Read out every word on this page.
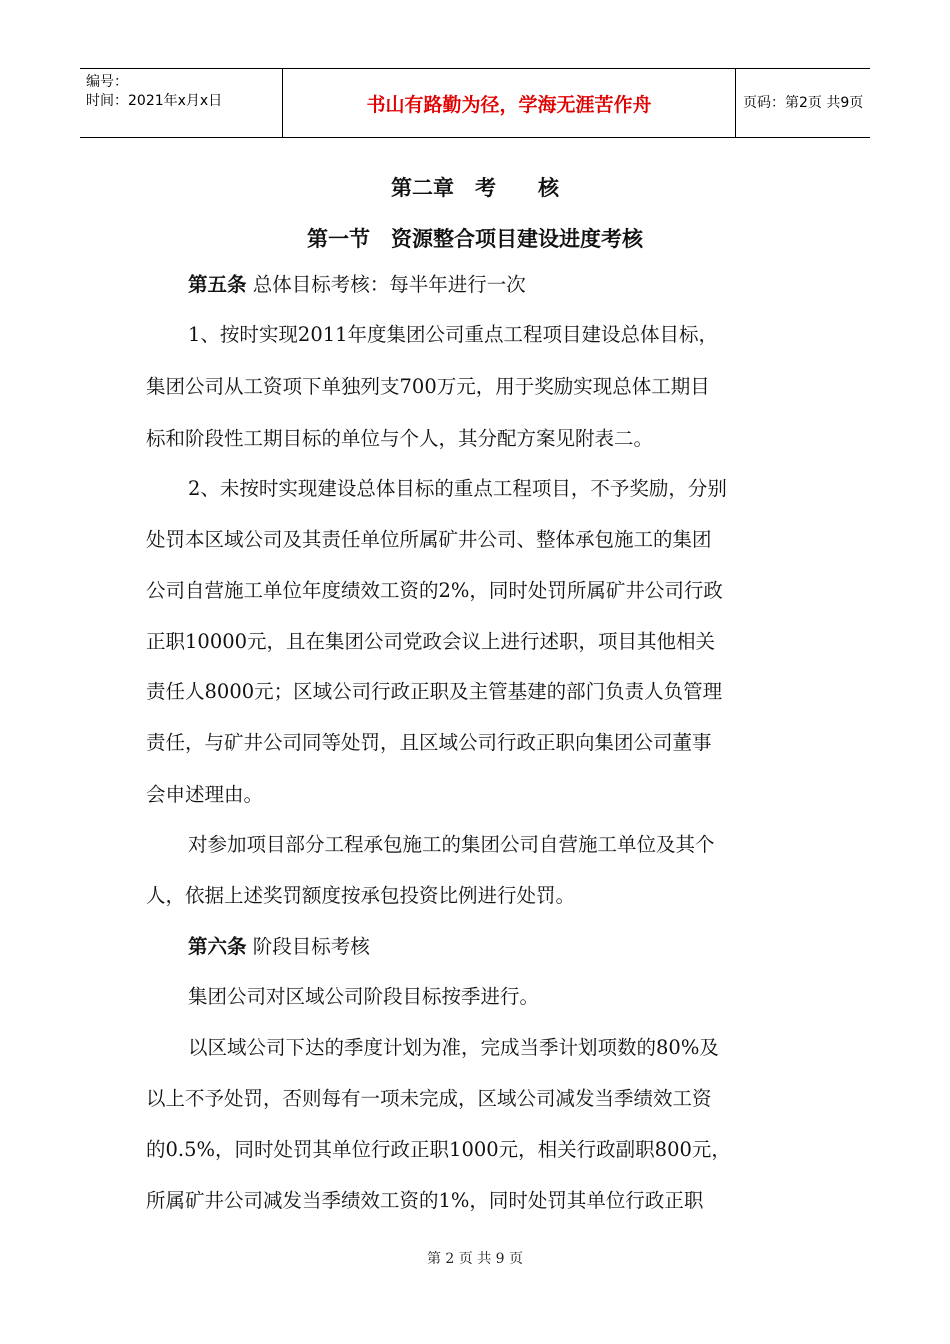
编号：
时间：2021年x月x日	书山有路勤为径，学海无涯苦作舟	页码：第2页 共9页
第二章　考　　核
第一节　资源整合项目建设进度考核
第五条 总体目标考核：每半年进行一次
1、按时实现2011年度集团公司重点工程项目建设总体目标，
集团公司从工资项下单独列支700万元，用于奖励实现总体工期目
标和阶段性工期目标的单位与个人，其分配方案见附表二。
2、未按时实现建设总体目标的重点工程项目，不予奖励，分别
处罚本区域公司及其责任单位所属矿井公司、整体承包施工的集团
公司自营施工单位年度绩效工资的2%，同时处罚所属矿井公司行政
正职10000元，且在集团公司党政会议上进行述职，项目其他相关
责任人8000元；区域公司行政正职及主管基建的部门负责人负管理
责任，与矿井公司同等处罚，且区域公司行政正职向集团公司董事
会申述理由。
对参加项目部分工程承包施工的集团公司自营施工单位及其个
人，依据上述奖罚额度按承包投资比例进行处罚。
第六条 阶段目标考核
集团公司对区域公司阶段目标按季进行。
以区域公司下达的季度计划为准，完成当季计划项数的80%及
以上不予处罚，否则每有一项未完成，区域公司减发当季绩效工资
的0.5%，同时处罚其单位行政正职1000元，相关行政副职800元，
所属矿井公司减发当季绩效工资的1%，同时处罚其单位行政正职
第 2 页 共 9 页
